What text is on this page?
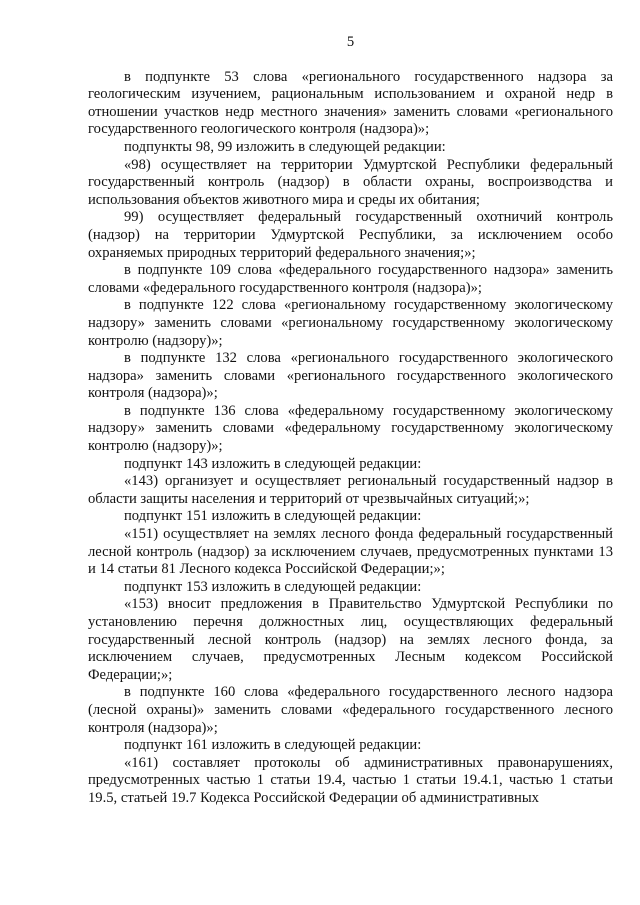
5

в подпункте 53 слова «регионального государственного надзора за геологическим изучением, рациональным использованием и охраной недр в отношении участков недр местного значения» заменить словами «регионального государственного геологического контроля (надзора)»;

подпункты 98, 99 изложить в следующей редакции:

«98) осуществляет на территории Удмуртской Республики федеральный государственный контроль (надзор) в области охраны, воспроизводства и использования объектов животного мира и среды их обитания;

99) осуществляет федеральный государственный охотничий контроль (надзор) на территории Удмуртской Республики, за исключением особо охраняемых природных территорий федерального значения;»;

в подпункте 109 слова «федерального государственного надзора» заменить словами «федерального государственного контроля (надзора)»;

в подпункте 122 слова «региональному государственному экологическому надзору» заменить словами «региональному государственному экологическому контролю (надзору)»;

в подпункте 132 слова «регионального государственного экологического надзора» заменить словами «регионального государственного экологического контроля (надзора)»;

в подпункте 136 слова «федеральному государственному экологическому надзору» заменить словами «федеральному государственному экологическому контролю (надзору)»;

подпункт 143 изложить в следующей редакции:

«143) организует и осуществляет региональный государственный надзор в области защиты населения и территорий от чрезвычайных ситуаций;»;

подпункт 151 изложить в следующей редакции:

«151) осуществляет на землях лесного фонда федеральный государственный лесной контроль (надзор) за исключением случаев, предусмотренных пунктами 13 и 14 статьи 81 Лесного кодекса Российской Федерации;»;

подпункт 153 изложить в следующей редакции:

«153) вносит предложения в Правительство Удмуртской Республики по установлению перечня должностных лиц, осуществляющих федеральный государственный лесной контроль (надзор) на землях лесного фонда, за исключением случаев, предусмотренных Лесным кодексом Российской Федерации;»;

в подпункте 160 слова «федерального государственного лесного надзора (лесной охраны)» заменить словами «федерального государственного лесного контроля (надзора)»;

подпункт 161 изложить в следующей редакции:

«161) составляет протоколы об административных правонарушениях, предусмотренных частью 1 статьи 19.4, частью 1 статьи 19.4.1, частью 1 статьи 19.5, статьей 19.7 Кодекса Российской Федерации об административных
